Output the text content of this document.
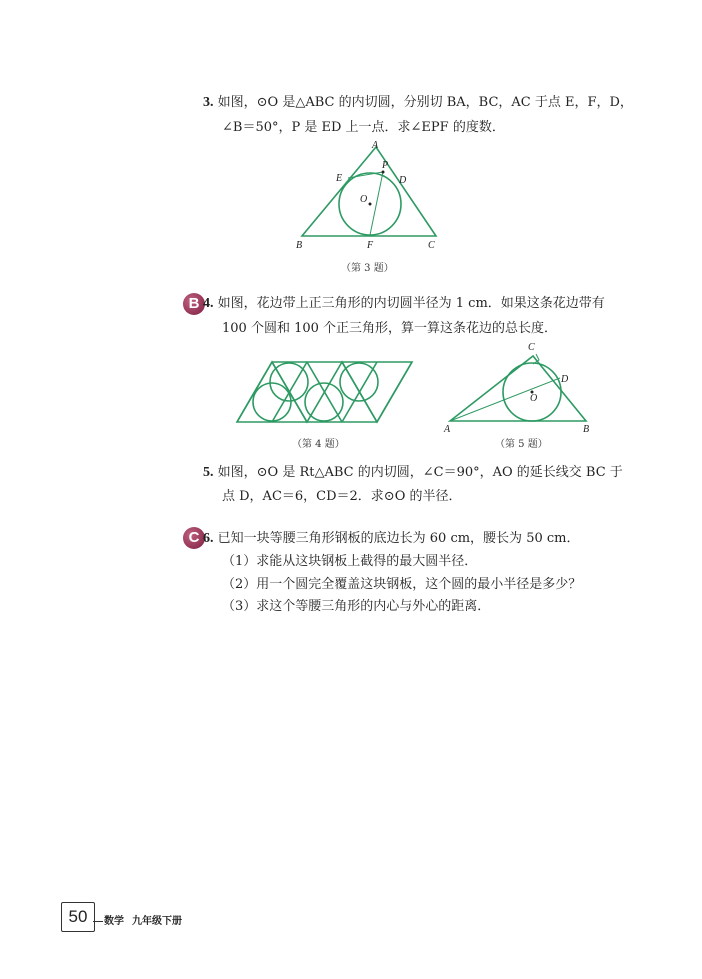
3. 如图，⊙O 是△ABC 的内切圆，分别切 BA，BC，AC 于点 E，F，D，
∠B＝50°，P 是 ED 上一点．求∠EPF 的度数．
A
P
E	D
O
B	F	C
（第 3 题）
B 4. 如图，花边带上正三角形的内切圆半径为 1 cm．如果这条花边带有
100 个圆和 100 个正三角形，算一算这条花边的总长度．
（第 4 题）
C
D
O
A	B
（第 5 题）
5. 如图，⊙O 是 Rt△ABC 的内切圆，∠C＝90°，AO 的延长线交 BC 于
点 D，AC＝6，CD＝2．求⊙O 的半径．
C 6. 已知一块等腰三角形钢板的底边长为 60 cm，腰长为 50 cm．
（1）求能从这块钢板上截得的最大圆半径．
（2）用一个圆完全覆盖这块钢板，这个圆的最小半径是多少？
（3）求这个等腰三角形的内心与外心的距离．
50	数学 九年级下册
